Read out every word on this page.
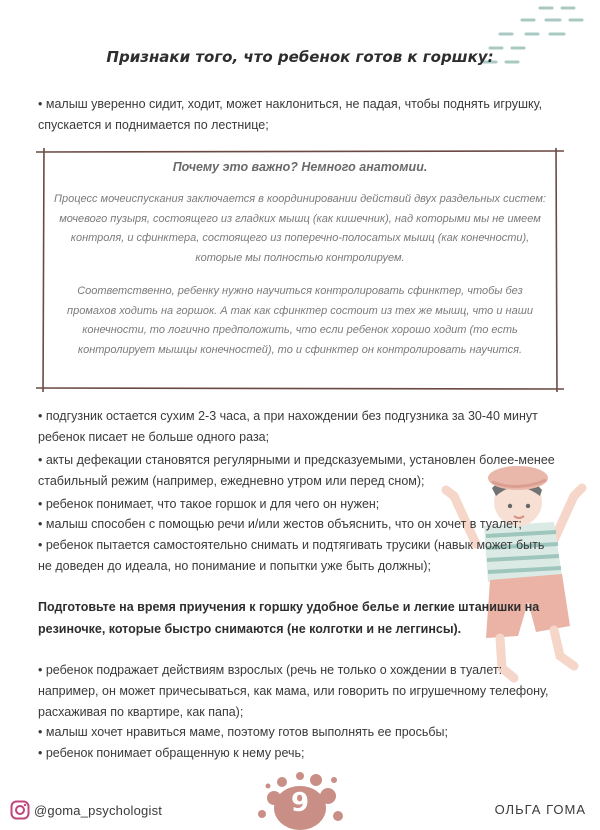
Признаки того, что ребенок готов к горшку:

• малыш уверенно сидит, ходит, может наклониться, не падая, чтобы поднять игрушку, спускается и поднимается по лестнице;

Почему это важно? Немного анатомии.

Процесс мочеиспускания заключается в координировании действий двух раздельных систем: мочевого пузыря, состоящего из гладких мышц (как кишечник), над которыми мы не имеем контроля, и сфинктера, состоящего из поперечно-полосатых мышц (как конечности), которые мы полностью контролируем.

Соответственно, ребенку нужно научиться контролировать сфинктер, чтобы без промахов ходить на горшок. А так как сфинктер состоит из тех же мышц, что и наши конечности, то логично предположить, что если ребенок хорошо ходит (то есть контролирует мышцы конечностей), то и сфинктер он контролировать научится.

• подгузник остается сухим 2-3 часа, а при нахождении без подгузника за 30-40 минут ребенок писает не больше одного раза;

• акты дефекации становятся регулярными и предсказуемыми, установлен более-менее стабильный режим (например, ежедневно утром или перед сном);

• ребенок понимает, что такое горшок и для чего он нужен;

• малыш способен с помощью речи и/или жестов объяснить, что он хочет в туалет;

• ребенок пытается самостоятельно снимать и подтягивать трусики (навык может быть не доведен до идеала, но понимание и попытки уже быть должны);

Подготовьте на время приучения к горшку удобное белье и легкие штанишки на резиночке, которые быстро снимаются (не колготки и не леггинсы).

• ребенок подражает действиям взрослых (речь не только о хождении в туалет: например, он может причесываться, как мама, или говорить по игрушечному телефону, расхаживая по квартире, как папа);

• малыш хочет нравиться маме, поэтому готов выполнять ее просьбы;

• ребенок понимает обращенную к нему речь;

@goma_psychologist	9	ОЛЬГА ГОМА
